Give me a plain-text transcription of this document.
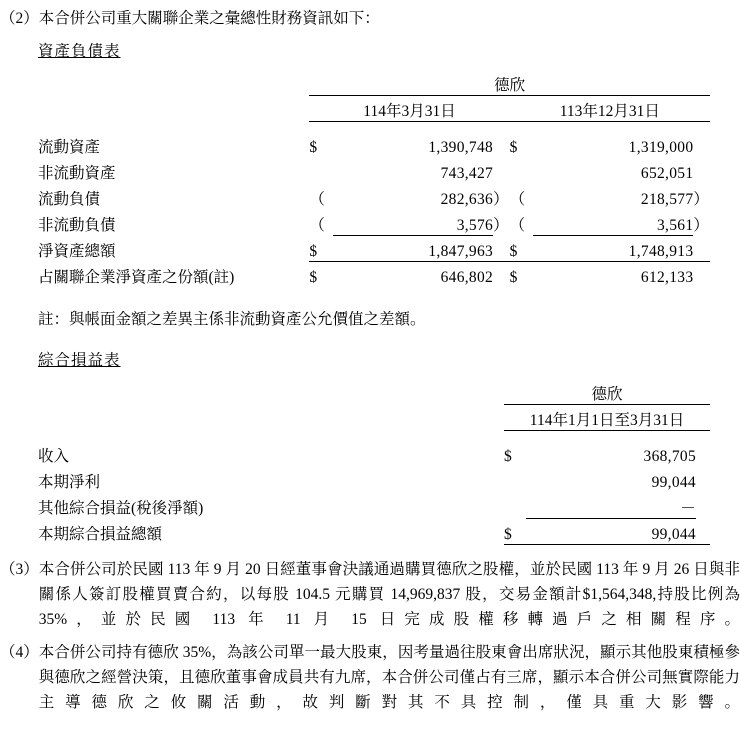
（2） 本合併公司重大關聯企業之彙總性財務資訊如下：
資產負債表
	德欣					
	114年3月31日			113年12月31日		

流動資產	$	1,390,748		$	1,319,000	
非流動資產		743,427			652,051	
流動負債	（	282,636	）	（	218,577	）
非流動負債	（	3,576	）	（	3,561	）
淨資產總額	$	1,847,963		$	1,748,913	
占關聯企業淨資產之份額(註)	$	646,802		$	612,133	
註：與帳面金額之差異主係非流動資產公允價值之差額。
綜合損益表
	德欣		
	114年1月1日至3月31日		

收入	$	368,705	
本期淨利		99,044	
其他綜合損益(稅後淨額)		－	
本期綜合損益總額	$	99,044	
（3） 本合併公司於民國 113 年 9 月 20 日經董事會決議通過購買德欣之股權，並於民國 113 年 9 月 26 日與非關係人簽訂股權買賣合約，以每股 104.5 元購買 14,969,837 股，交易金額計$1,564,348,持股比例為 35%，並於民國 113 年 11 月 15 日完成股權移轉過戶之相關程序。
（4） 本合併公司持有德欣 35%，為該公司單一最大股東，因考量過往股東會出席狀況，顯示其他股東積極參與德欣之經營決策，且德欣董事會成員共有九席，本合併公司僅占有三席，顯示本合併公司無實際能力主導德欣之攸關活動，故判斷對其不具控制，僅具重大影響。
